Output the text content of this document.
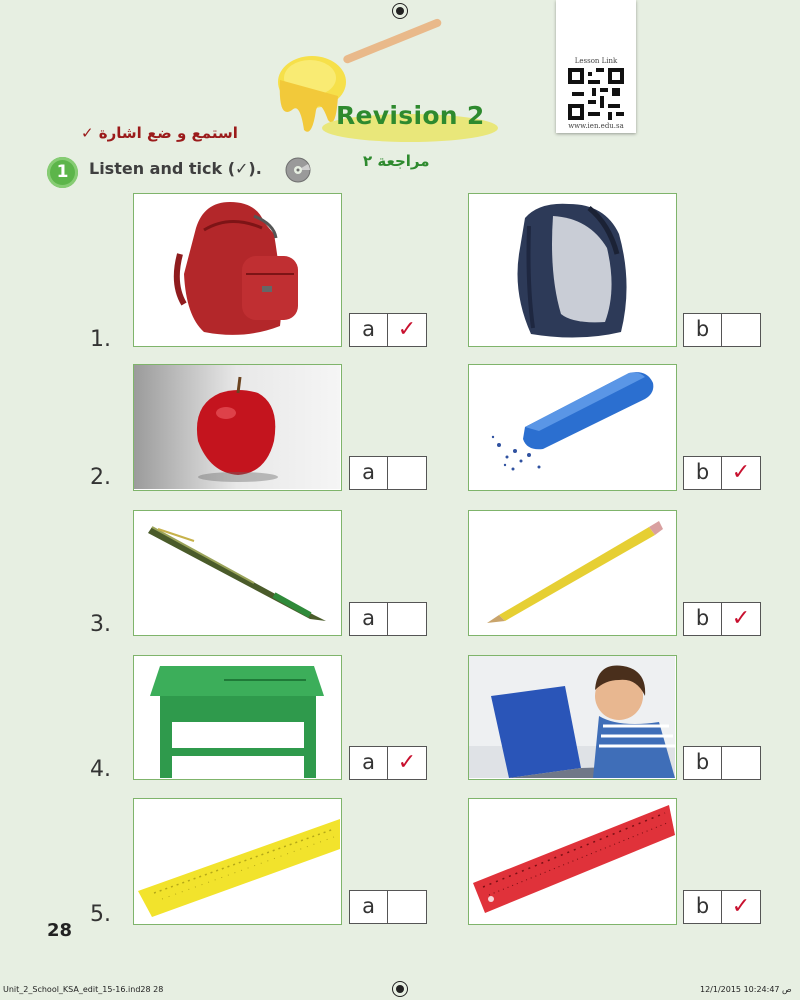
Revision 2
مراجعة ٢
Lesson Link
www.ien.edu.sa
استمع و ضع اشارة ✓
1	Listen and tick (✓).
1.	a	✓	b
2.	a	b	✓
3.	a	b	✓
4.	a	✓	b
5.	a	b	✓
28
Unit_2_School_KSA_edit_15-16.ind28 28	12/1/2015 10:24:47 ص
